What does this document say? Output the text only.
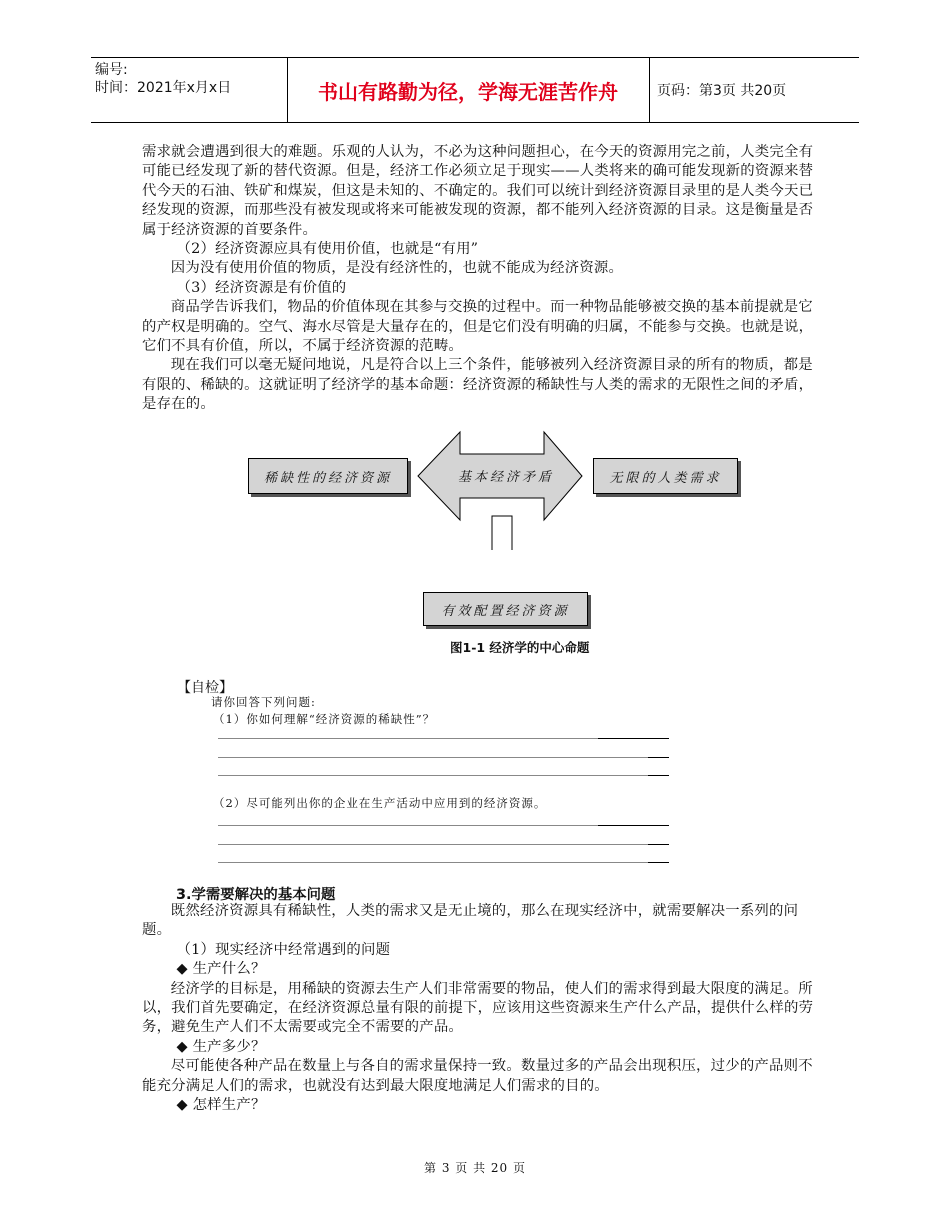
编号:
时间：2021年x月x日	书山有路勤为径，学海无涯苦作舟	页码：第3页 共20页

需求就会遭遇到很大的难题。乐观的人认为，不必为这种问题担心，在今天的资源用完之前，人类完全有可能已经发现了新的替代资源。但是，经济工作必须立足于现实——人类将来的确可能发现新的资源来替代今天的石油、铁矿和煤炭，但这是未知的、不确定的。我们可以统计到经济资源目录里的是人类今天已经发现的资源，而那些没有被发现或将来可能被发现的资源，都不能列入经济资源的目录。这是衡量是否属于经济资源的首要条件。

（2）经济资源应具有使用价值，也就是“有用”

因为没有使用价值的物质，是没有经济性的，也就不能成为经济资源。

（3）经济资源是有价值的

商品学告诉我们，物品的价值体现在其参与交换的过程中。而一种物品能够被交换的基本前提就是它的产权是明确的。空气、海水尽管是大量存在的，但是它们没有明确的归属，不能参与交换。也就是说，它们不具有价值，所以，不属于经济资源的范畴。

现在我们可以毫无疑问地说，凡是符合以上三个条件，能够被列入经济资源目录的所有的物质，都是有限的、稀缺的。这就证明了经济学的基本命题：经济资源的稀缺性与人类的需求的无限性之间的矛盾，是存在的。

稀缺性的经济资源	无限的人类需求
基本经济矛盾
有效配置经济资源
图1-1 经济学的中心命题
【自检】
请你回答下列问题:
（1）你如何理解“经济资源的稀缺性”？
（2）尽可能列出你的企业在生产活动中应用到的经济资源。
3.学需要解决的基本问题

既然经济资源具有稀缺性，人类的需求又是无止境的，那么在现实经济中，就需要解决一系列的问题。

（1）现实经济中经常遇到的问题

◆ 生产什么？

经济学的目标是，用稀缺的资源去生产人们非常需要的物品，使人们的需求得到最大限度的满足。所以，我们首先要确定，在经济资源总量有限的前提下，应该用这些资源来生产什么产品，提供什么样的劳务，避免生产人们不太需要或完全不需要的产品。

◆ 生产多少？

尽可能使各种产品在数量上与各自的需求量保持一致。数量过多的产品会出现积压，过少的产品则不能充分满足人们的需求，也就没有达到最大限度地满足人们需求的目的。

◆ 怎样生产？

第 3 页 共 20 页
